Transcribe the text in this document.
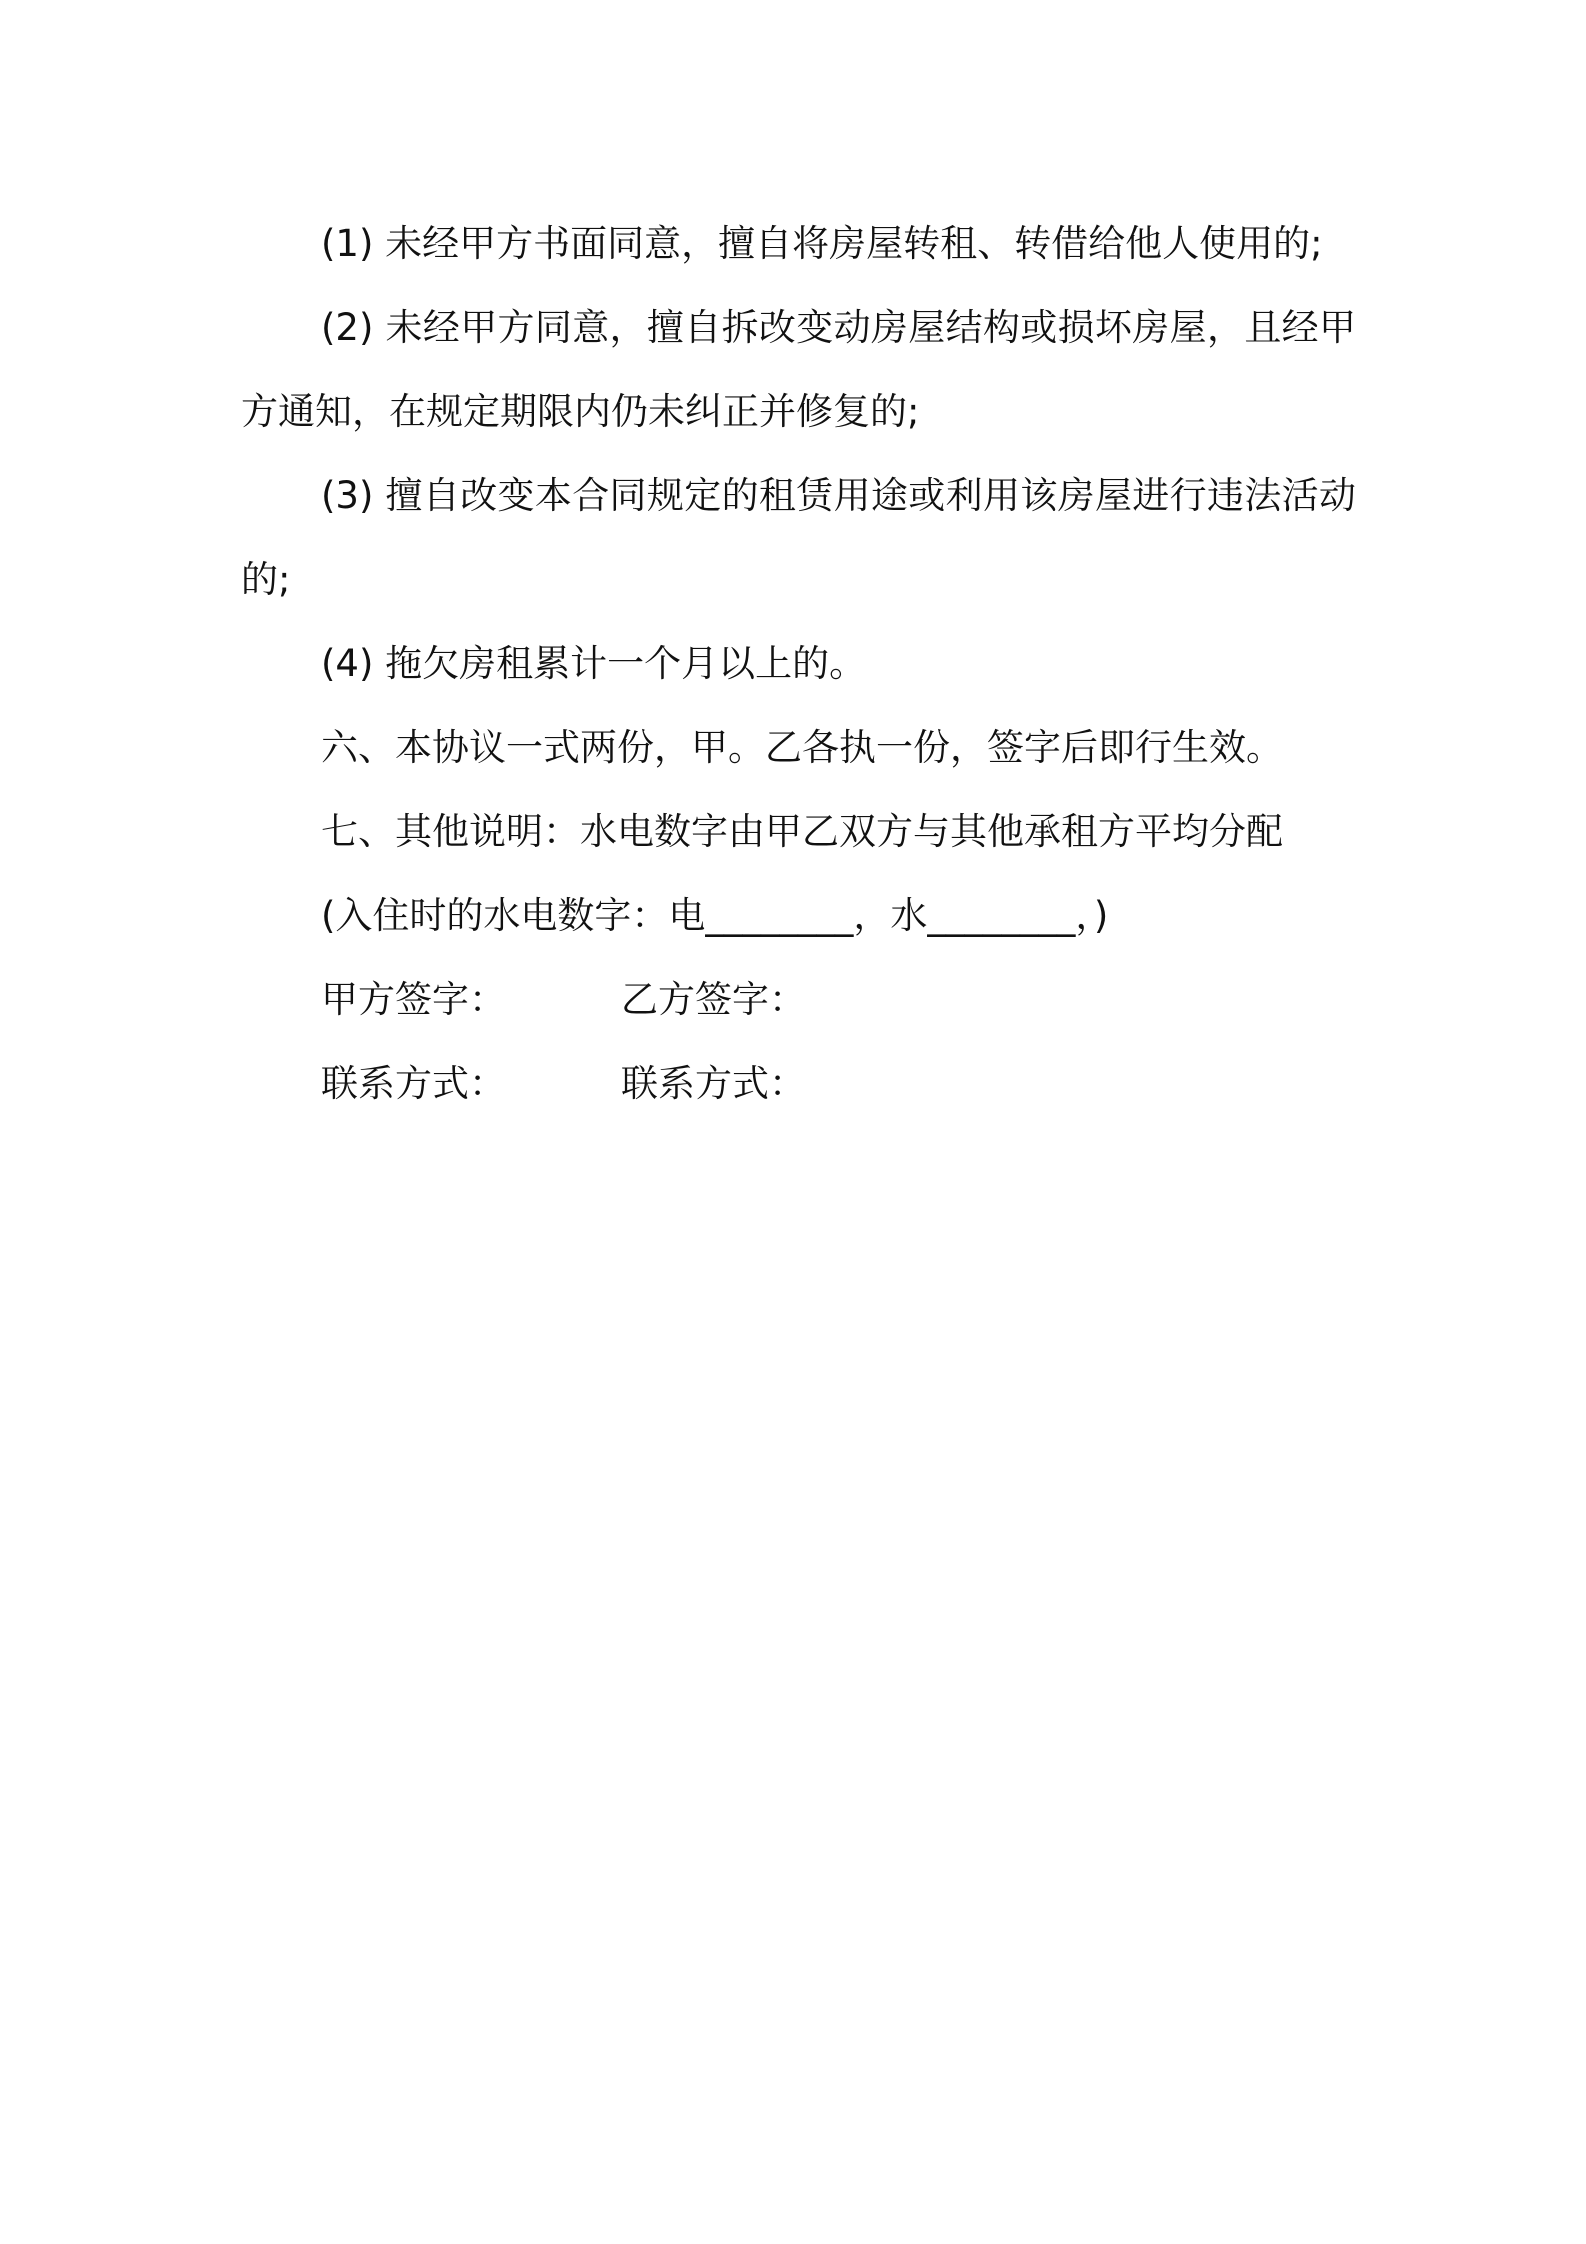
(1) 未经甲方书面同意，擅自将房屋转租、转借给他人使用的;

(2) 未经甲方同意，擅自拆改变动房屋结构或损坏房屋，且经甲方通知，在规定期限内仍未纠正并修复的;

(3) 擅自改变本合同规定的租赁用途或利用该房屋进行违法活动的;

(4) 拖欠房租累计一个月以上的。

六、本协议一式两份，甲。乙各执一份，签字后即行生效。

七、其他说明：水电数字由甲乙双方与其他承租方平均分配

(入住时的水电数字：电________，水________，)

甲方签字：	乙方签字：
联系方式：	联系方式：
